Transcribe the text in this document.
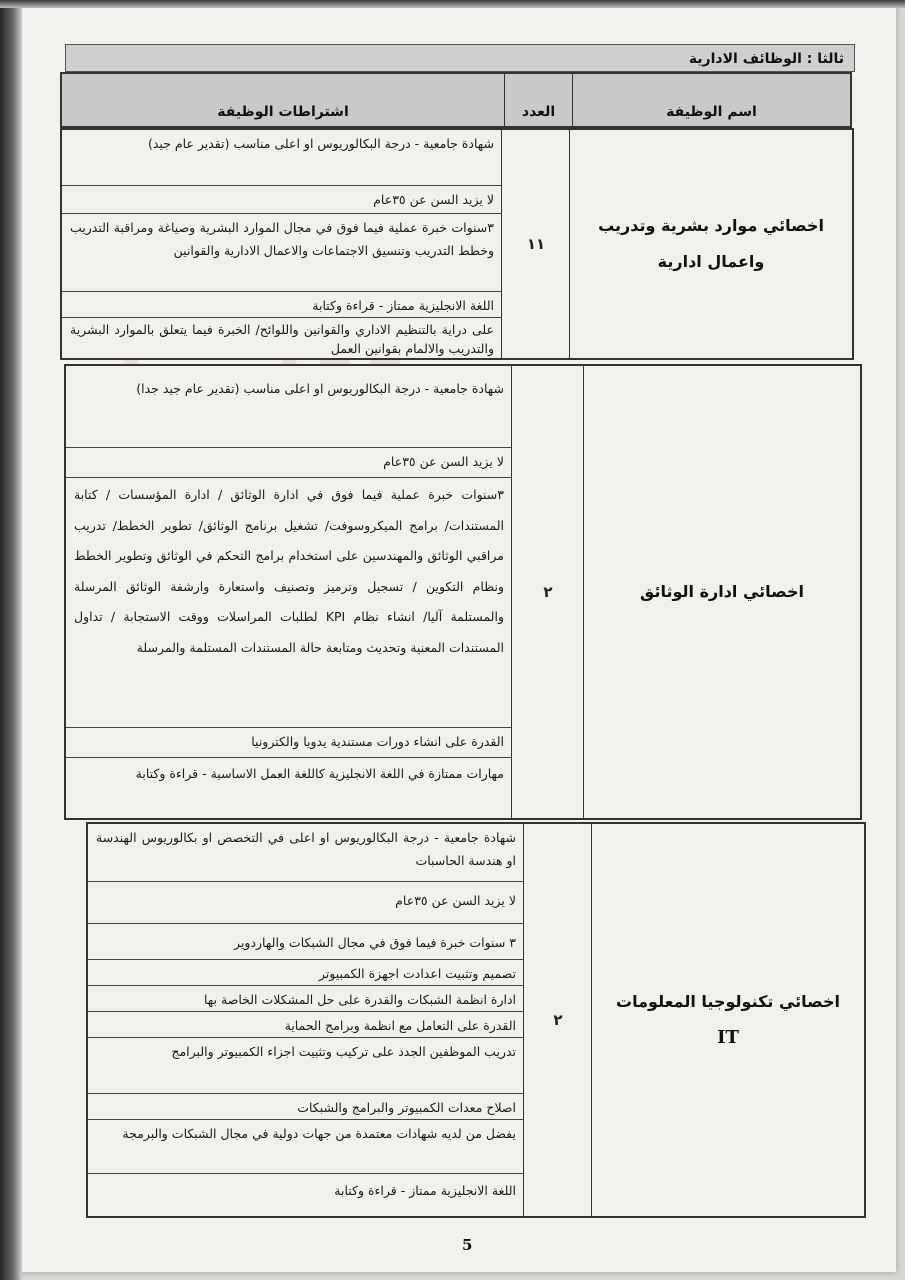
ثالثا : الوظائف الادارية
اسم الوظيفة
العدد
اشتراطات الوظيفة
اخصائي موارد بشرية وتدريب
واعمال ادارية
١١
شهادة جامعية - درجة البكالوريوس او اعلى مناسب (تقدير عام جيد)
لا يزيد السن عن ٣٥عام
٣سنوات خبرة عملية فيما فوق في مجال الموارد البشرية وصياغة ومراقبة التدريب وخطط التدريب وتنسيق الاجتماعات والاعمال الادارية والقوانين
اللغة الانجليزية ممتاز - قراءة وكتابة
على دراية بالتنظيم الاداري والقوانين واللوائح/ الخبرة فيما يتعلق بالموارد البشرية والتدريب والالمام بقوانين العمل
اخصائي ادارة الوثائق
٢
شهادة جامعية - درجة البكالوريوس او اعلى مناسب (تقدير عام جيد جدا)
لا يزيد السن عن ٣٥عام
٣سنوات خبرة عملية فيما فوق في ادارة الوثائق / ادارة المؤسسات / كتابة المستندات/ برامج الميكروسوفت/ تشغيل برنامج الوثائق/ تطوير الخطط/ تدريب مراقبي الوثائق والمهندسين على استخدام برامج التحكم في الوثائق وتطوير الخطط ونظام التكوين / تسجيل وترميز وتصنيف واستعارة وارشفة الوثائق المرسلة والمستلمة آليا/ انشاء نظام KPI لطلبات المراسلات ووقت الاستجابة / تداول المستندات المعنية وتحديث ومتابعة حالة المستندات المستلمة والمرسلة
القدرة على انشاء دورات مستندية يدويا والكترونيا
مهارات ممتازة في اللغة الانجليزية كاللغة العمل الاساسية - قراءة وكتابة
اخصائي تكنولوجيا المعلومات
IT
٢
شهادة جامعية - درجة البكالوريوس او اعلى في التخصص او بكالوريوس الهندسة او هندسة الحاسبات
لا يزيد السن عن ٣٥عام
٣ سنوات خبرة فيما فوق في مجال الشبكات والهاردوير
تصميم وتثبيت اعدادت اجهزة الكمبيوتر
ادارة انظمة الشبكات والقدرة على حل المشكلات الخاصة بها
القدرة على التعامل مع انظمة وبرامج الحماية
تدريب الموظفين الجدد على تركيب وتثبيت اجزاء الكمبيوتر والبرامج
اصلاح معدات الكمبيوتر والبرامج والشبكات
يفضل من لديه شهادات معتمدة من جهات دولية في مجال الشبكات والبرمجة
اللغة الانجليزية ممتاز - قراءة وكتابة
5
